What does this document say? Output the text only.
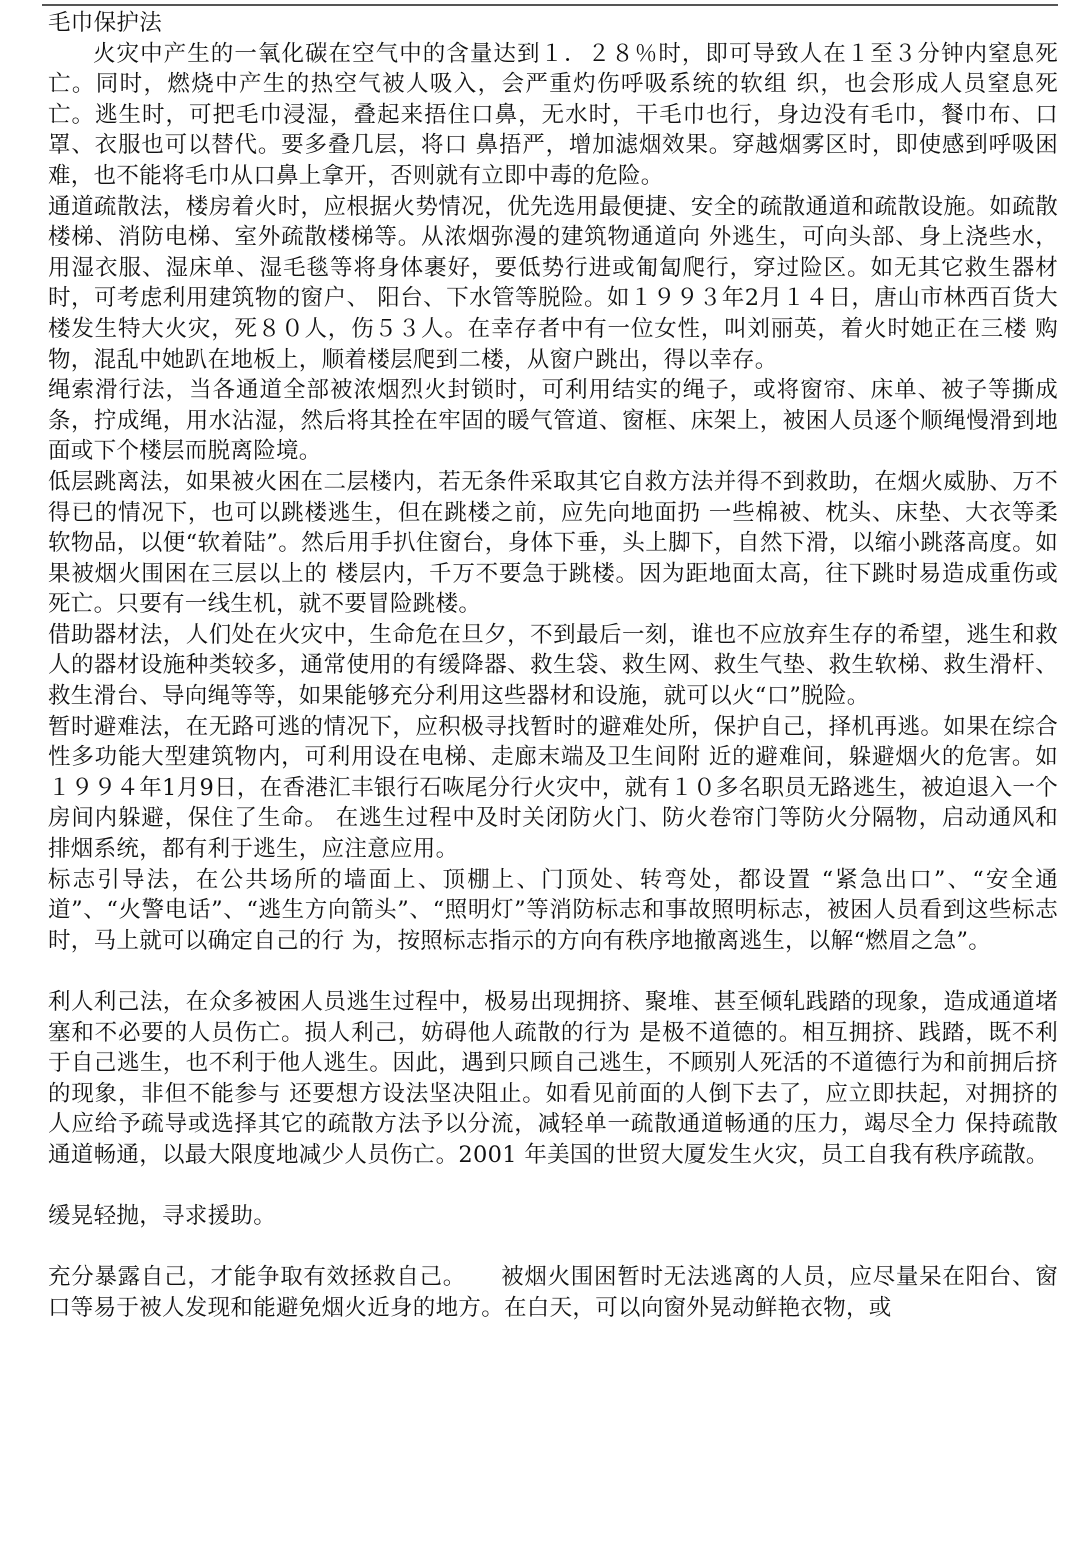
毛巾保护法

火灾中产生的一氧化碳在空气中的含量达到１．２８％时，即可导致人在１至３分钟内窒息死亡。同时，燃烧中产生的热空气被人吸入，会严重灼伤呼吸系统的软组 织，也会形成人员窒息死亡。逃生时，可把毛巾浸湿，叠起来捂住口鼻，无水时，干毛巾也行，身边没有毛巾，餐巾布、口罩、衣服也可以替代。要多叠几层，将口 鼻捂严，增加滤烟效果。穿越烟雾区时，即使感到呼吸困难，也不能将毛巾从口鼻上拿开，否则就有立即中毒的危险。

通道疏散法，楼房着火时，应根据火势情况，优先选用最便捷、安全的疏散通道和疏散设施。如疏散楼梯、消防电梯、室外疏散楼梯等。从浓烟弥漫的建筑物通道向 外逃生，可向头部、身上浇些水，用湿衣服、湿床单、湿毛毯等将身体裹好，要低势行进或匍匐爬行，穿过险区。如无其它救生器材时，可考虑利用建筑物的窗户、 阳台、下水管等脱险。如１９９３年2月１４日，唐山市林西百货大楼发生特大火灾，死８０人，伤５３人。在幸存者中有一位女性，叫刘丽英，着火时她正在三楼 购物，混乱中她趴在地板上，顺着楼层爬到二楼，从窗户跳出，得以幸存。

绳索滑行法，当各通道全部被浓烟烈火封锁时，可利用结实的绳子，或将窗帘、床单、被子等撕成条，拧成绳，用水沾湿，然后将其拴在牢固的暖气管道、窗框、床架上，被困人员逐个顺绳慢滑到地面或下个楼层而脱离险境。

低层跳离法，如果被火困在二层楼内，若无条件采取其它自救方法并得不到救助，在烟火威胁、万不得已的情况下，也可以跳楼逃生，但在跳楼之前，应先向地面扔 一些棉被、枕头、床垫、大衣等柔软物品，以便“软着陆”。然后用手扒住窗台，身体下垂，头上脚下，自然下滑，以缩小跳落高度。如果被烟火围困在三层以上的 楼层内，千万不要急于跳楼。因为距地面太高，往下跳时易造成重伤或死亡。只要有一线生机，就不要冒险跳楼。

借助器材法，人们处在火灾中，生命危在旦夕，不到最后一刻，谁也不应放弃生存的希望，逃生和救人的器材设施种类较多，通常使用的有缓降器、救生袋、救生网、救生气垫、救生软梯、救生滑杆、救生滑台、导向绳等等，如果能够充分利用这些器材和设施，就可以火“口”脱险。

暂时避难法，在无路可逃的情况下，应积极寻找暂时的避难处所，保护自己，择机再逃。如果在综合性多功能大型建筑物内，可利用设在电梯、走廊末端及卫生间附 近的避难间，躲避烟火的危害。如１９９４年1月9日，在香港汇丰银行石咴尾分行火灾中，就有１０多名职员无路逃生，被迫退入一个房间内躲避，保住了生命。 在逃生过程中及时关闭防火门、防火卷帘门等防火分隔物，启动通风和排烟系统，都有利于逃生，应注意应用。

标志引导法，在公共场所的墙面上、顶棚上、门顶处、转弯处，都设置 “紧急出口”、“安全通道”、“火警电话”、“逃生方向箭头”、“照明灯”等消防标志和事故照明标志，被困人员看到这些标志时，马上就可以确定自己的行 为，按照标志指示的方向有秩序地撤离逃生，以解“燃眉之急”。

利人利己法，在众多被困人员逃生过程中，极易出现拥挤、聚堆、甚至倾轧践踏的现象，造成通道堵塞和不必要的人员伤亡。损人利己，妨碍他人疏散的行为 是极不道德的。相互拥挤、践踏，既不利于自己逃生，也不利于他人逃生。因此，遇到只顾自己逃生，不顾别人死活的不道德行为和前拥后挤的现象，非但不能参与 还要想方设法坚决阻止。如看见前面的人倒下去了，应立即扶起，对拥挤的人应给予疏导或选择其它的疏散方法予以分流，减轻单一疏散通道畅通的压力，竭尽全力 保持疏散通道畅通，以最大限度地减少人员伤亡。2001 年美国的世贸大厦发生火灾，员工自我有秩序疏散。

缓晃轻抛，寻求援助。

充分暴露自己，才能争取有效拯救自己。　　被烟火围困暂时无法逃离的人员，应尽量呆在阳台、窗口等易于被人发现和能避免烟火近身的地方。在白天，可以向窗外晃动鲜艳衣物，或
